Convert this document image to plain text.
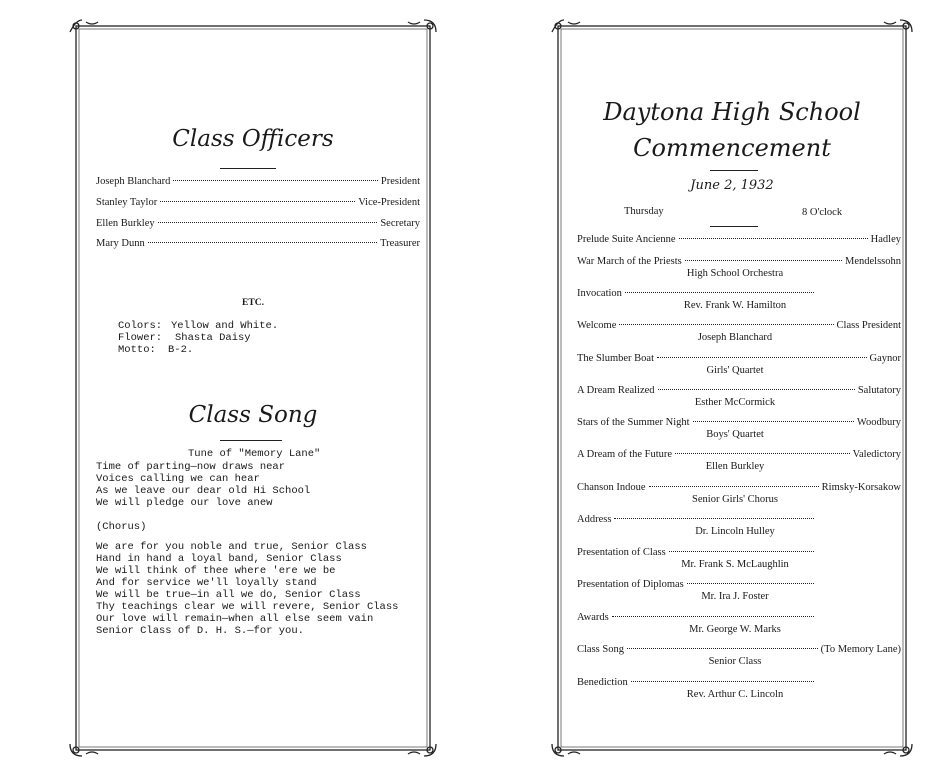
Class Officers
Joseph Blanchard	President
Stanley Taylor	Vice-President
Ellen Burkley	Secretary
Mary Dunn	Treasurer
ETC.
Colors: Yellow and White.
Flower: Shasta Daisy
Motto: B-2.
Class Song
Tune of "Memory Lane"
Time of parting—now draws near
Voices calling we can hear
As we leave our dear old Hi School
We will pledge our love anew
(Chorus)
We are for you noble and true, Senior Class
Hand in hand a loyal band, Senior Class
We will think of thee where 'ere we be
And for service we'll loyally stand
We will be true—in all we do, Senior Class
Thy teachings clear we will revere, Senior Class
Our love will remain—when all else seem vain
Senior Class of D. H. S.—for you.
Daytona High School
Commencement
June 2, 1932
Thursday	8 O'clock
Prelude Suite Ancienne	Hadley
War March of the Priests	Mendelssohn
High School Orchestra
Invocation
Rev. Frank W. Hamilton
Welcome	Class President
Joseph Blanchard
The Slumber Boat	Gaynor
Girls' Quartet
A Dream Realized	Salutatory
Esther McCormick
Stars of the Summer Night	Woodbury
Boys' Quartet
A Dream of the Future	Valedictory
Ellen Burkley
Chanson Indoue	Rimsky-Korsakow
Senior Girls' Chorus
Address
Dr. Lincoln Hulley
Presentation of Class
Mr. Frank S. McLaughlin
Presentation of Diplomas
Mr. Ira J. Foster
Awards
Mr. George W. Marks
Class Song	(To Memory Lane)
Senior Class
Benediction
Rev. Arthur C. Lincoln
